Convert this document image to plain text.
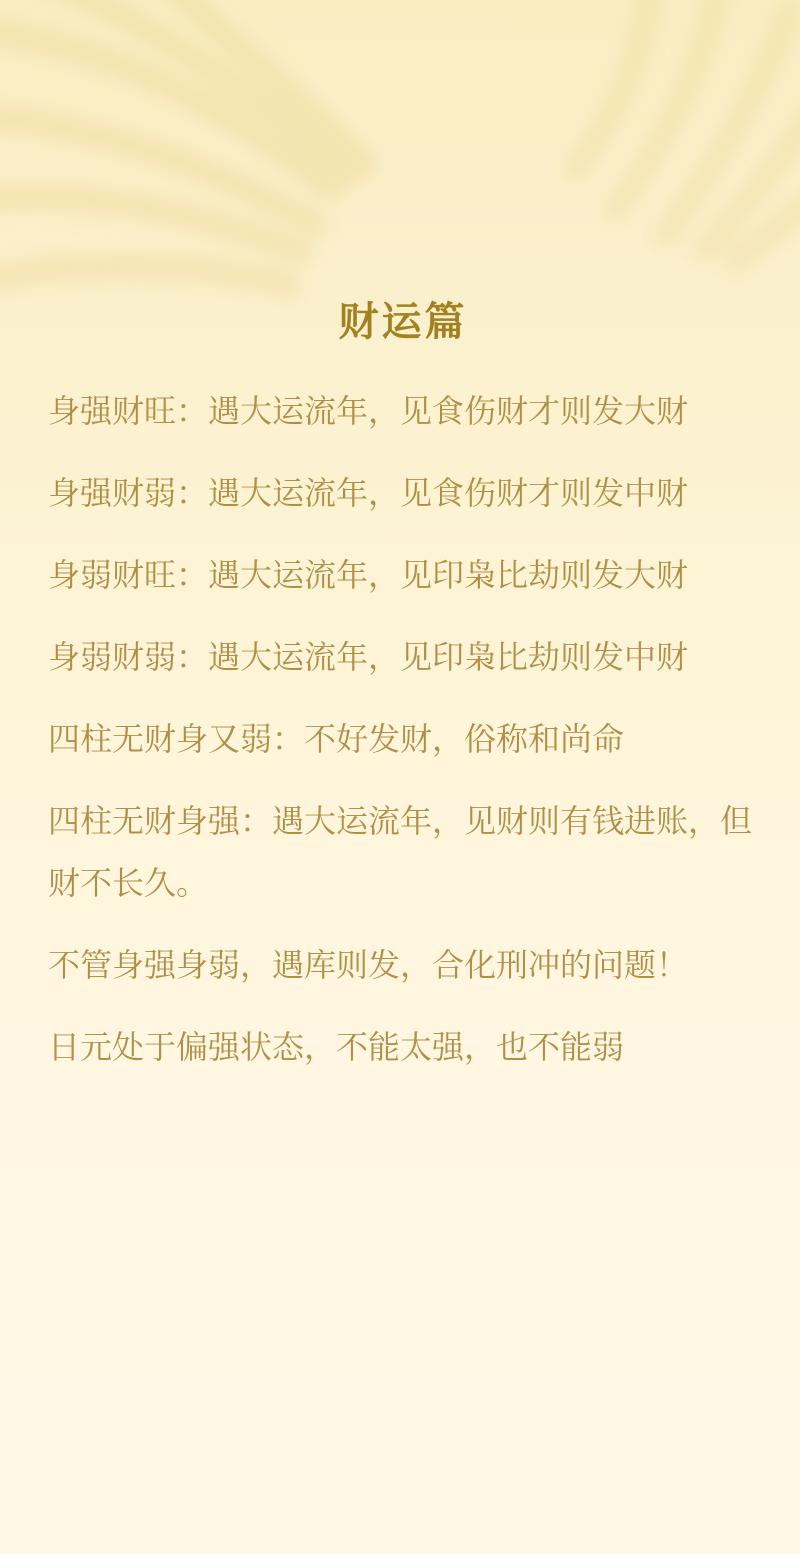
财运篇

身强财旺：遇大运流年，见食伤财才则发大财

身强财弱：遇大运流年，见食伤财才则发中财

身弱财旺：遇大运流年，见印枭比劫则发大财

身弱财弱：遇大运流年，见印枭比劫则发中财

四柱无财身又弱：不好发财，俗称和尚命

四柱无财身强：遇大运流年，见财则有钱进账，但财不长久。

不管身强身弱，遇库则发，合化刑冲的问题！

日元处于偏强状态，不能太强，也不能弱
